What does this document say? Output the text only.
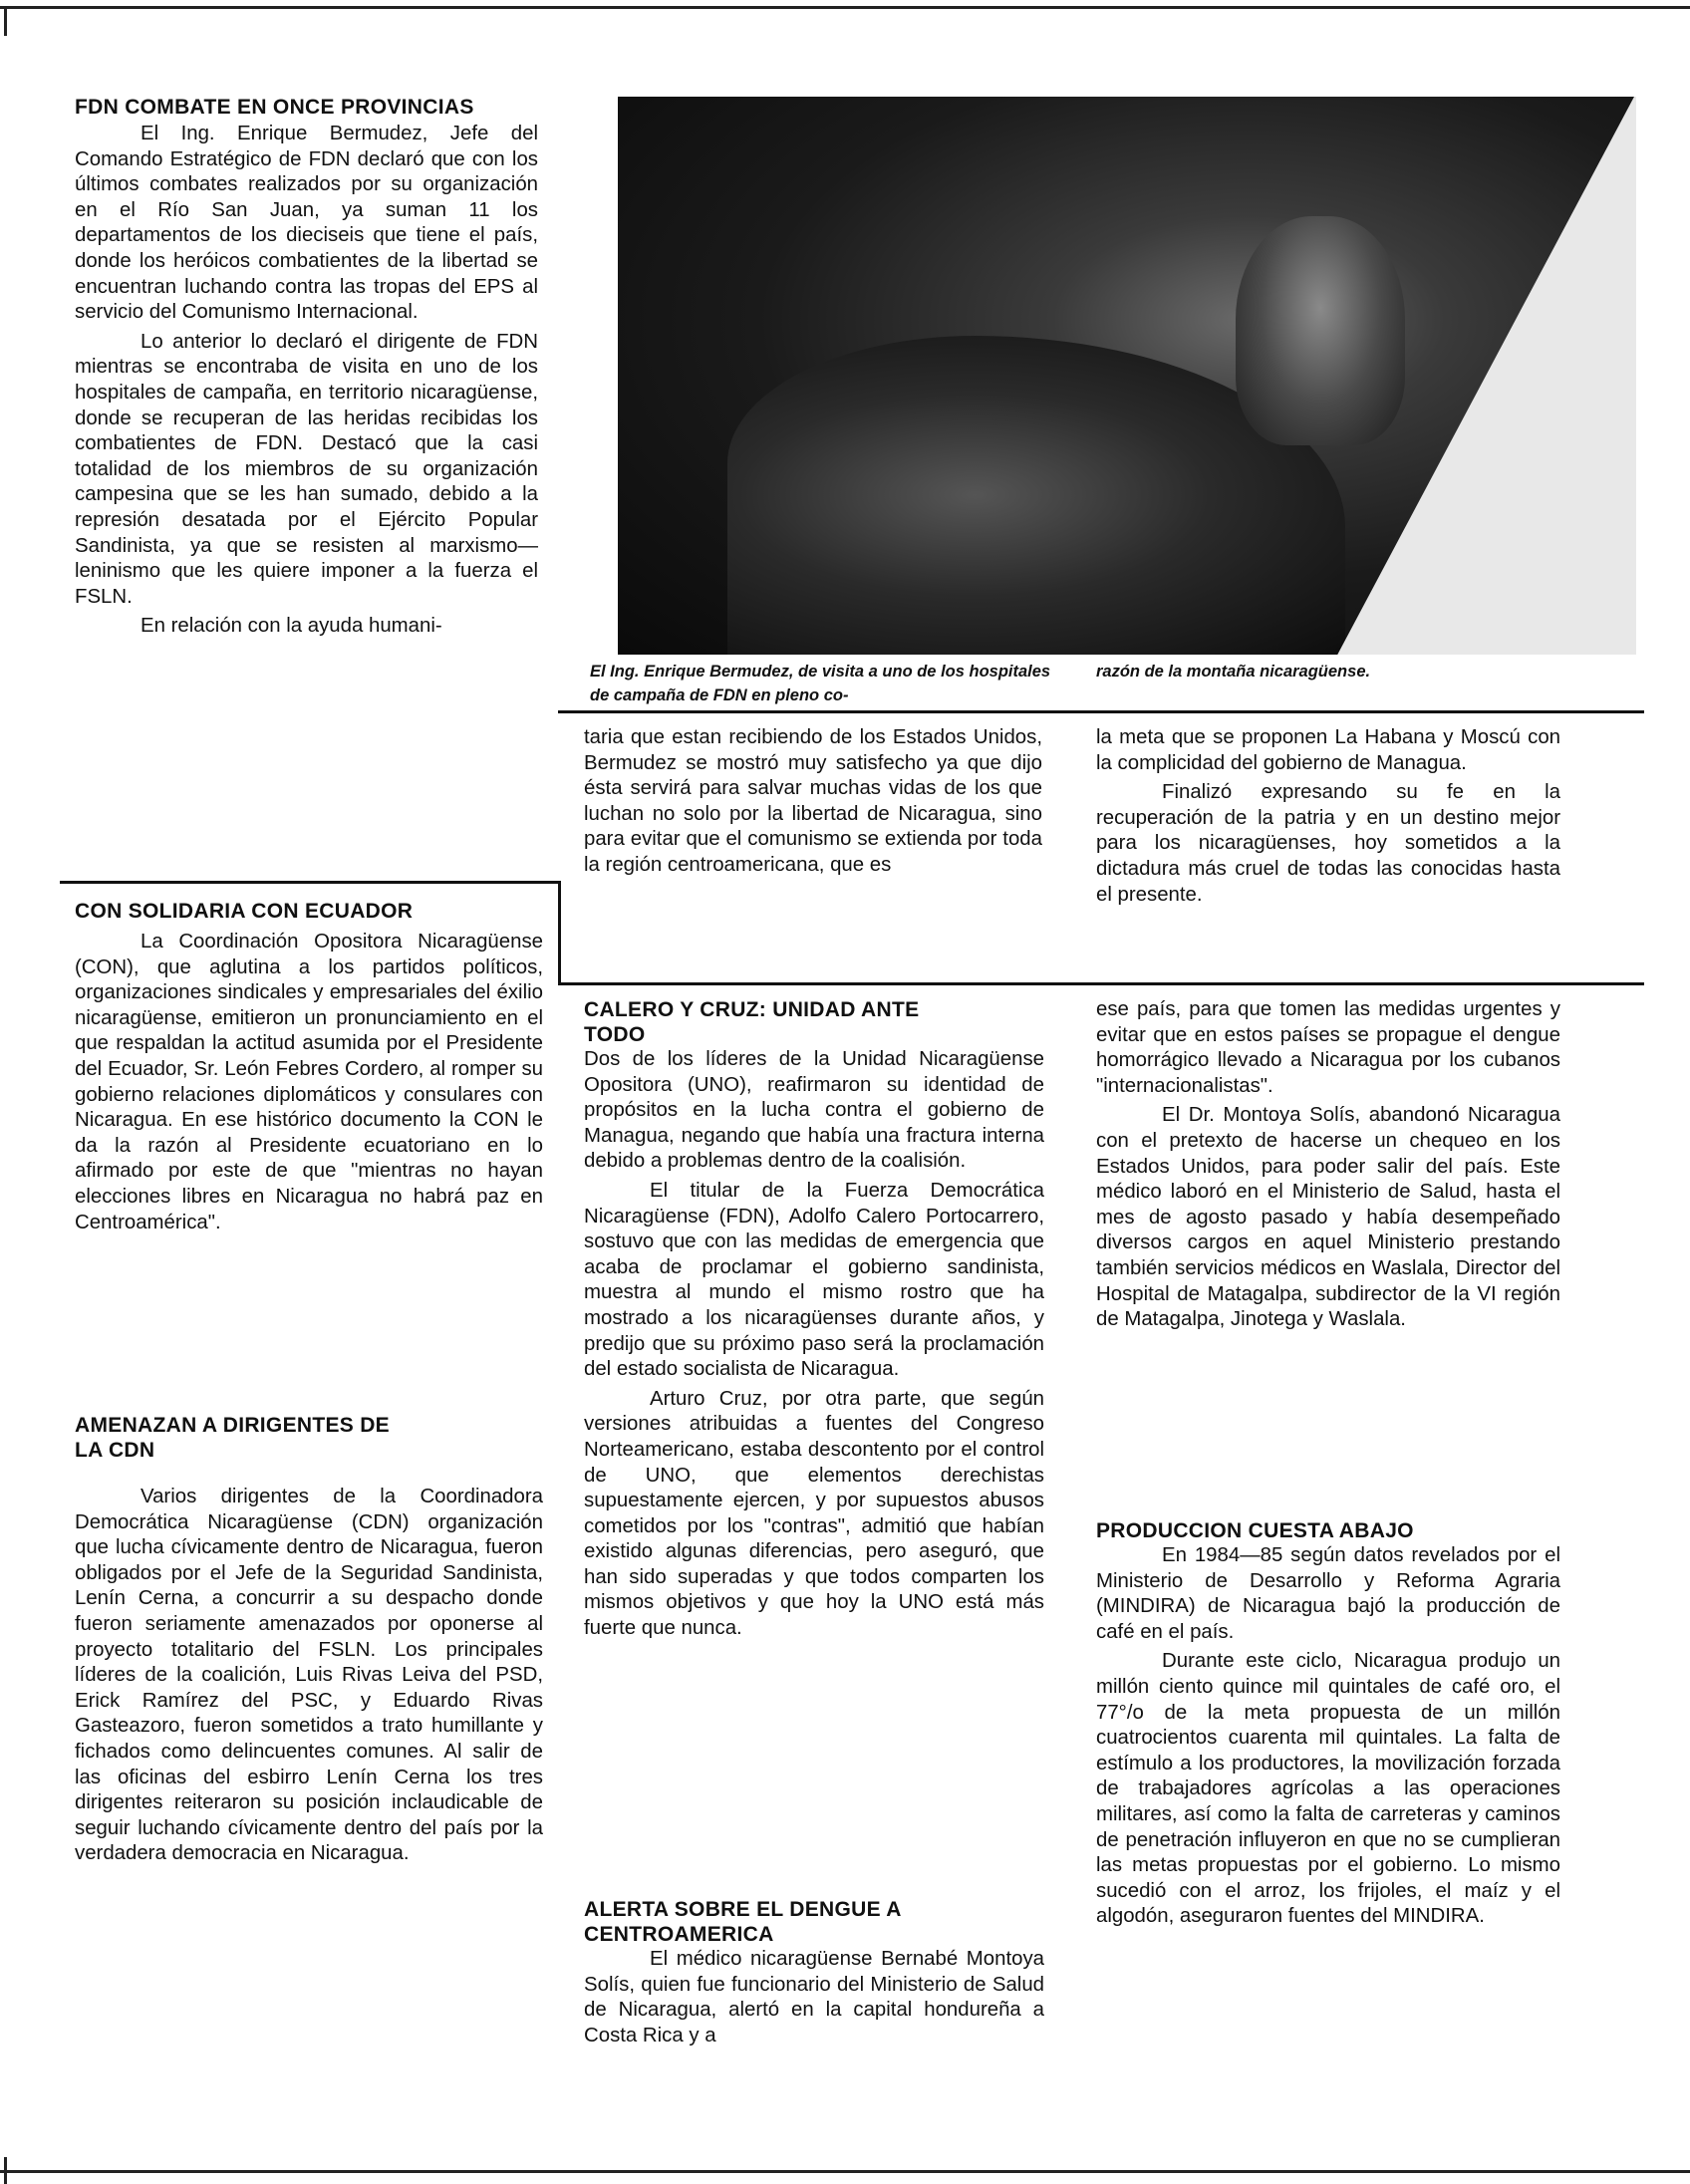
FDN COMBATE EN ONCE PROVINCIAS

El Ing. Enrique Bermudez, Jefe del Comando Estratégico de FDN declaró que con los últimos combates realizados por su organización en el Río San Juan, ya suman 11 los departamentos de los dieciseis que tiene el país, donde los heróicos combatientes de la libertad se encuentran luchando contra las tropas del EPS al servicio del Comunismo Internacional.

Lo anterior lo declaró el dirigente de FDN mientras se encontraba de visita en uno de los hospitales de campaña, en territorio nicaragüense, donde se recuperan de las heridas recibidas los combatientes de FDN. Destacó que la casi totalidad de los miembros de su organización campesina que se les han sumado, debido a la represión desatada por el Ejército Popular Sandinista, ya que se resisten al marxismo—leninismo que les quiere imponer a la fuerza el FSLN.

En relación con la ayuda humani-

El Ing. Enrique Bermudez, de visita a uno de los hospitales de campaña de FDN en pleno co-
razón de la montaña nicaragüense.

taria que estan recibiendo de los Estados Unidos, Bermudez se mostró muy satisfecho ya que dijo ésta servirá para salvar muchas vidas de los que luchan no solo por la libertad de Nicaragua, sino para evitar que el comunismo se extienda por toda la región centroamericana, que es

la meta que se proponen La Habana y Moscú con la complicidad del gobierno de Managua.

Finalizó expresando su fe en la recuperación de la patria y en un destino mejor para los nicaragüenses, hoy sometidos a la dictadura más cruel de todas las conocidas hasta el presente.

CON SOLIDARIA CON ECUADOR

La Coordinación Opositora Nicaragüense (CON), que aglutina a los partidos políticos, organizaciones sindicales y empresariales del éxilio nicaragüense, emitieron un pronunciamiento en el que respaldan la actitud asumida por el Presidente del Ecuador, Sr. León Febres Cordero, al romper su gobierno relaciones diplomáticos y consulares con Nicaragua. En ese histórico documento la CON le da la razón al Presidente ecuatoriano en lo afirmado por este de que "mientras no hayan elecciones libres en Nicaragua no habrá paz en Centroamérica".

AMENAZAN A DIRIGENTES DE
LA CDN

Varios dirigentes de la Coordinadora Democrática Nicaragüense (CDN) organización que lucha cívicamente dentro de Nicaragua, fueron obligados por el Jefe de la Seguridad Sandinista, Lenín Cerna, a concurrir a su despacho donde fueron seriamente amenazados por oponerse al proyecto totalitario del FSLN. Los principales líderes de la coalición, Luis Rivas Leiva del PSD, Erick Ramírez del PSC, y Eduardo Rivas Gasteazoro, fueron sometidos a trato humillante y fichados como delincuentes comunes. Al salir de las oficinas del esbirro Lenín Cerna los tres dirigentes reiteraron su posición inclaudicable de seguir luchando cívicamente dentro del país por la verdadera democracia en Nicaragua.

CALERO Y CRUZ: UNIDAD ANTE
TODO

Dos de los líderes de la Unidad Nicaragüense Opositora (UNO), reafirmaron su identidad de propósitos en la lucha contra el gobierno de Managua, negando que había una fractura interna debido a problemas dentro de la coalisión.

El titular de la Fuerza Democrática Nicaragüense (FDN), Adolfo Calero Portocarrero, sostuvo que con las medidas de emergencia que acaba de proclamar el gobierno sandinista, muestra al mundo el mismo rostro que ha mostrado a los nicaragüenses durante años, y predijo que su próximo paso será la proclamación del estado socialista de Nicaragua.

Arturo Cruz, por otra parte, que según versiones atribuidas a fuentes del Congreso Norteamericano, estaba descontento por el control de UNO, que elementos derechistas supuestamente ejercen, y por supuestos abusos cometidos por los "contras", admitió que habían existido algunas diferencias, pero aseguró, que han sido superadas y que todos comparten los mismos objetivos y que hoy la UNO está más fuerte que nunca.

ALERTA SOBRE EL DENGUE A
CENTROAMERICA

El médico nicaragüense Bernabé Montoya Solís, quien fue funcionario del Ministerio de Salud de Nicaragua, alertó en la capital hondureña a Costa Rica y a

ese país, para que tomen las medidas urgentes y evitar que en estos países se propague el dengue homorrágico llevado a Nicaragua por los cubanos "internacionalistas".

El Dr. Montoya Solís, abandonó Nicaragua con el pretexto de hacerse un chequeo en los Estados Unidos, para poder salir del país. Este médico laboró en el Ministerio de Salud, hasta el mes de agosto pasado y había desempeñado diversos cargos en aquel Ministerio prestando también servicios médicos en Waslala, Director del Hospital de Matagalpa, subdirector de la VI región de Matagalpa, Jinotega y Waslala.

PRODUCCION CUESTA ABAJO

En 1984—85 según datos revelados por el Ministerio de Desarrollo y Reforma Agraria (MINDIRA) de Nicaragua bajó la producción de café en el país.

Durante este ciclo, Nicaragua produjo un millón ciento quince mil quintales de café oro, el 77°/o de la meta propuesta de un millón cuatrocientos cuarenta mil quintales. La falta de estímulo a los productores, la movilización forzada de trabajadores agrícolas a las operaciones militares, así como la falta de carreteras y caminos de penetración influyeron en que no se cumplieran las metas propuestas por el gobierno. Lo mismo sucedió con el arroz, los frijoles, el maíz y el algodón, aseguraron fuentes del MINDIRA.
